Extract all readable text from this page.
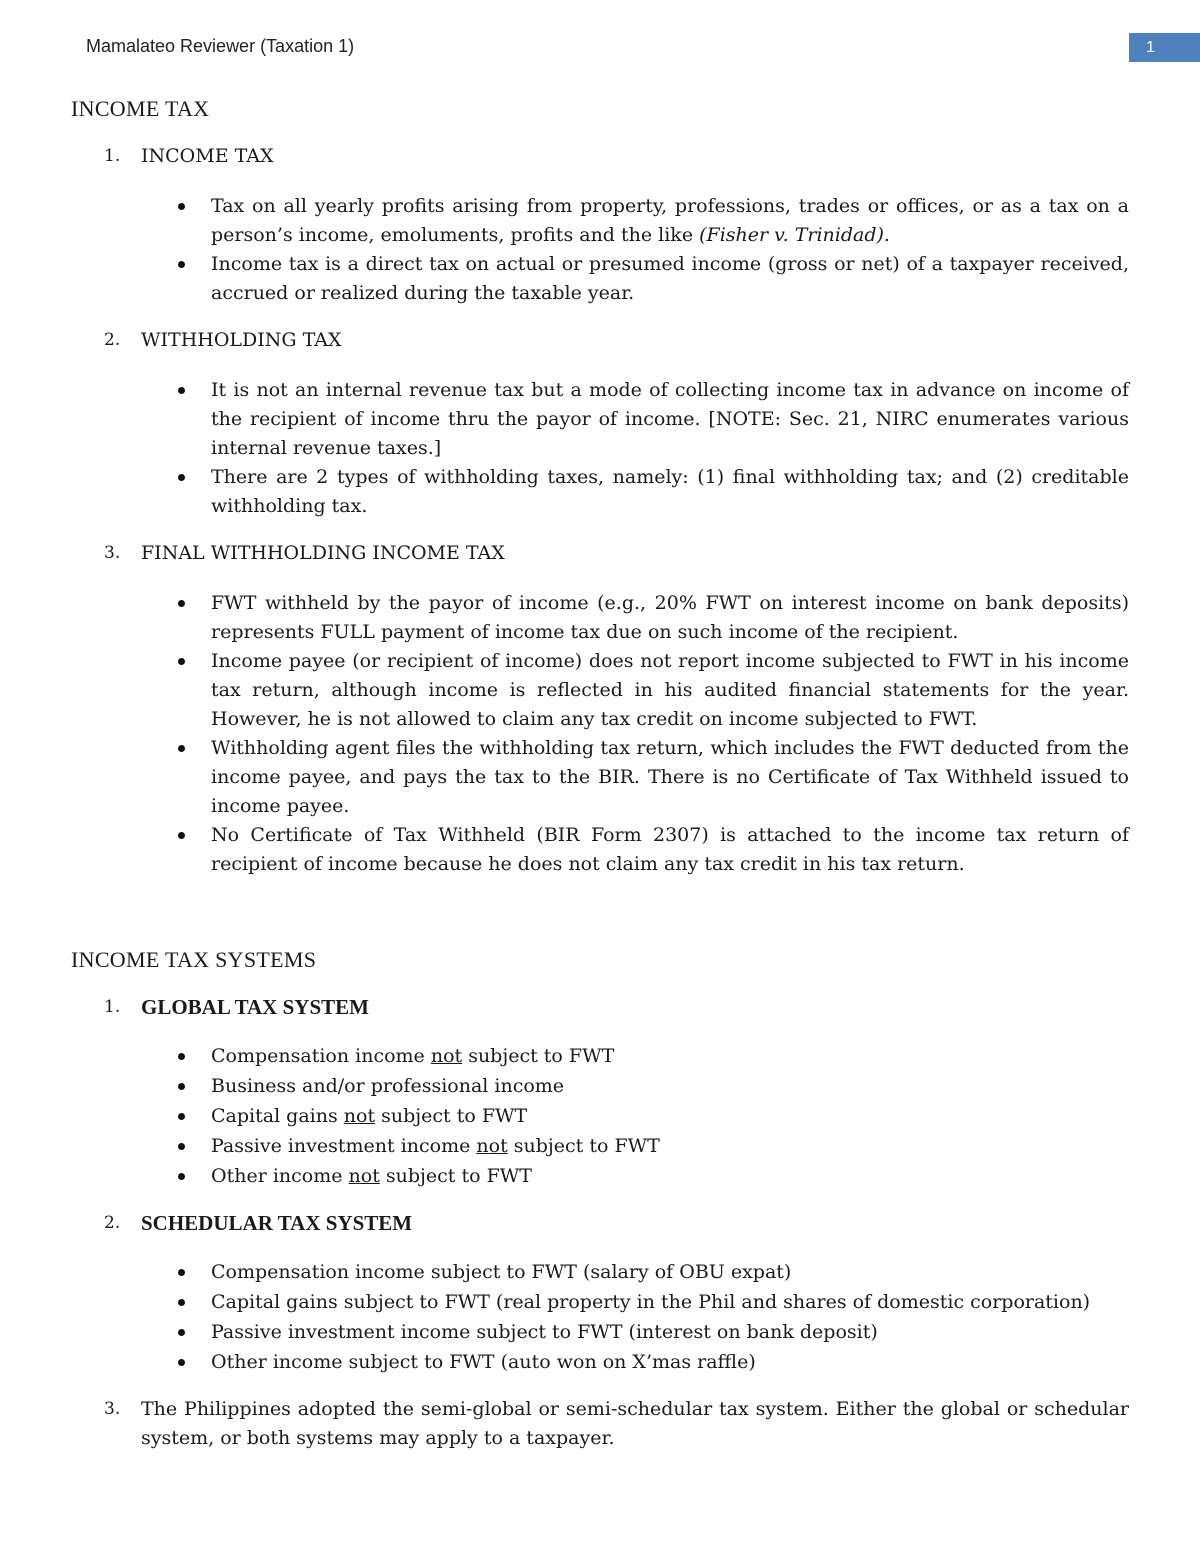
Mamalateo Reviewer (Taxation 1)	1
INCOME TAX
1. INCOME TAX
Tax on all yearly profits arising from property, professions, trades or offices, or as a tax on a person’s income, emoluments, profits and the like (Fisher v. Trinidad).
Income tax is a direct tax on actual or presumed income (gross or net) of a taxpayer received, accrued or realized during the taxable year.
2. WITHHOLDING TAX
It is not an internal revenue tax but a mode of collecting income tax in advance on income of the recipient of income thru the payor of income. [NOTE: Sec. 21, NIRC enumerates various internal revenue taxes.]
There are 2 types of withholding taxes, namely: (1) final withholding tax; and (2) creditable withholding tax.
3. FINAL WITHHOLDING INCOME TAX
FWT withheld by the payor of income (e.g., 20% FWT on interest income on bank deposits) represents FULL payment of income tax due on such income of the recipient.
Income payee (or recipient of income) does not report income subjected to FWT in his income tax return, although income is reflected in his audited financial statements for the year. However, he is not allowed to claim any tax credit on income subjected to FWT.
Withholding agent files the withholding tax return, which includes the FWT deducted from the income payee, and pays the tax to the BIR. There is no Certificate of Tax Withheld issued to income payee.
No Certificate of Tax Withheld (BIR Form 2307) is attached to the income tax return of recipient of income because he does not claim any tax credit in his tax return.
INCOME TAX SYSTEMS
1. GLOBAL TAX SYSTEM
Compensation income not subject to FWT
Business and/or professional income
Capital gains not subject to FWT
Passive investment income not subject to FWT
Other income not subject to FWT
2. SCHEDULAR TAX SYSTEM
Compensation income subject to FWT (salary of OBU expat)
Capital gains subject to FWT (real property in the Phil and shares of domestic corporation)
Passive investment income subject to FWT (interest on bank deposit)
Other income subject to FWT (auto won on X’mas raffle)
3. The Philippines adopted the semi-global or semi-schedular tax system. Either the global or schedular system, or both systems may apply to a taxpayer.
